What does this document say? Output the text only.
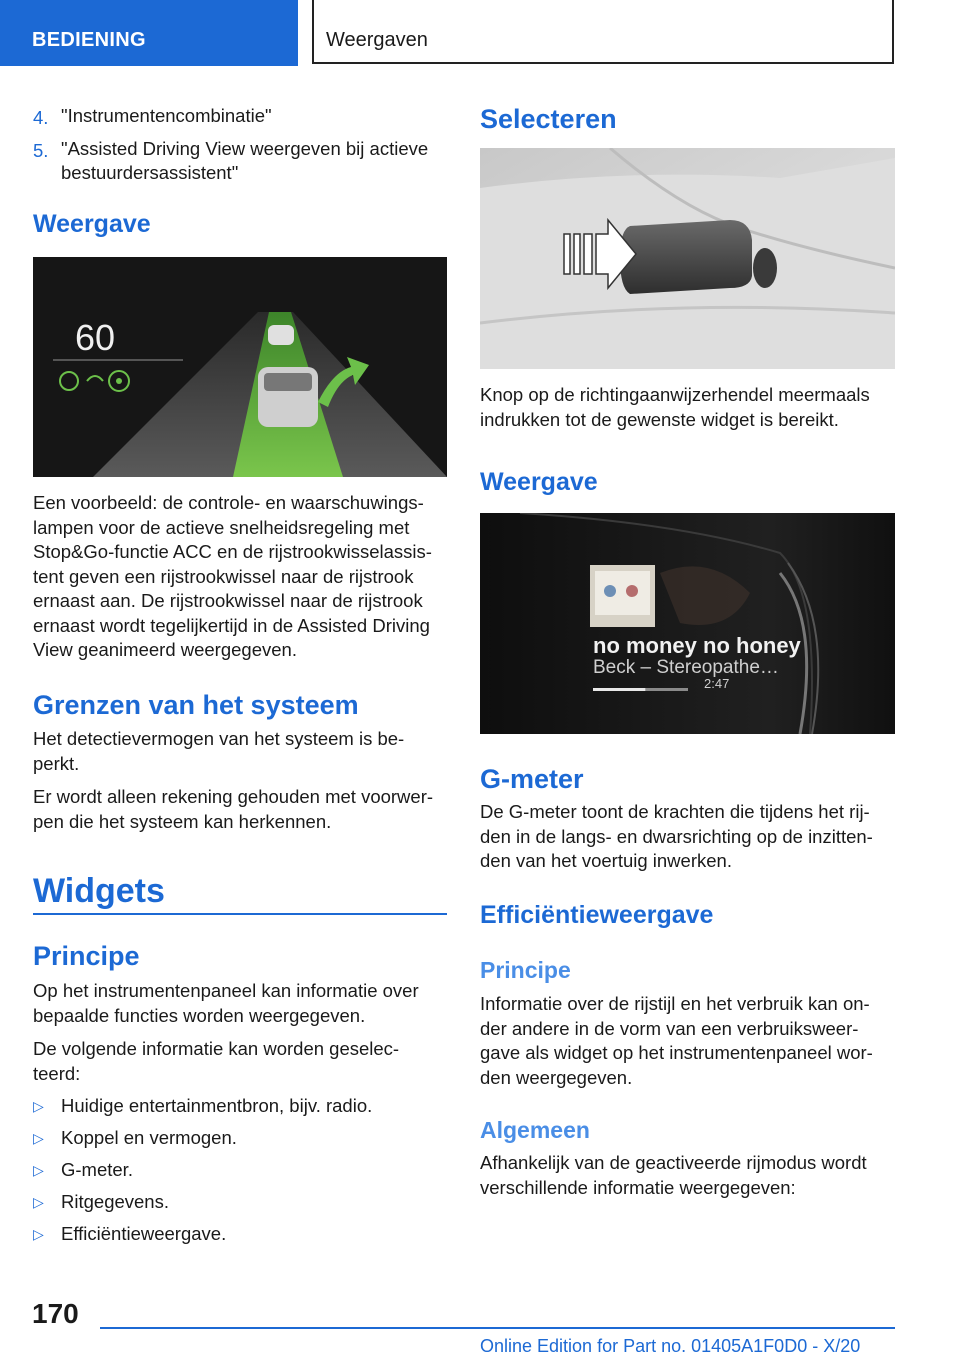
BEDIENING	Weergaven
4. "Instrumentencombinatie"
5. "Assisted Driving View weergeven bij actieve
bestuurdersassistent"
Weergave
60
Een voorbeeld: de controle- en waarschuwings-
lampen voor de actieve snelheidsregeling met
Stop&Go-functie ACC en de rijstrookwisselassis-
tent geven een rijstrookwissel naar de rijstrook
ernaast aan. De rijstrookwissel naar de rijstrook
ernaast wordt tegelijkertijd in de Assisted Driving
View geanimeerd weergegeven.
Grenzen van het systeem
Het detectievermogen van het systeem is be-
perkt.
Er wordt alleen rekening gehouden met voorwer-
pen die het systeem kan herkennen.
Widgets
Principe
Op het instrumentenpaneel kan informatie over
bepaalde functies worden weergegeven.
De volgende informatie kan worden geselec-
teerd:
▷ Huidige entertainmentbron, bijv. radio.
▷ Koppel en vermogen.
▷ G-meter.
▷ Ritgegevens.
▷ Efficiëntieweergave.
Selecteren
Knop op de richtingaanwijzerhendel meermaals
indrukken tot de gewenste widget is bereikt.
Weergave
no money no honey
Beck – Stereopathe…
2:47
G-meter
De G-meter toont de krachten die tijdens het rij-
den in de langs- en dwarsrichting op de inzitten-
den van het voertuig inwerken.
Efficiëntieweergave
Principe
Informatie over de rijstijl en het verbruik kan on-
der andere in de vorm van een verbruiksweer-
gave als widget op het instrumentenpaneel wor-
den weergegeven.
Algemeen
Afhankelijk van de geactiveerde rijmodus wordt
verschillende informatie weergegeven:
170
Online Edition for Part no. 01405A1F0D0 - X/20
